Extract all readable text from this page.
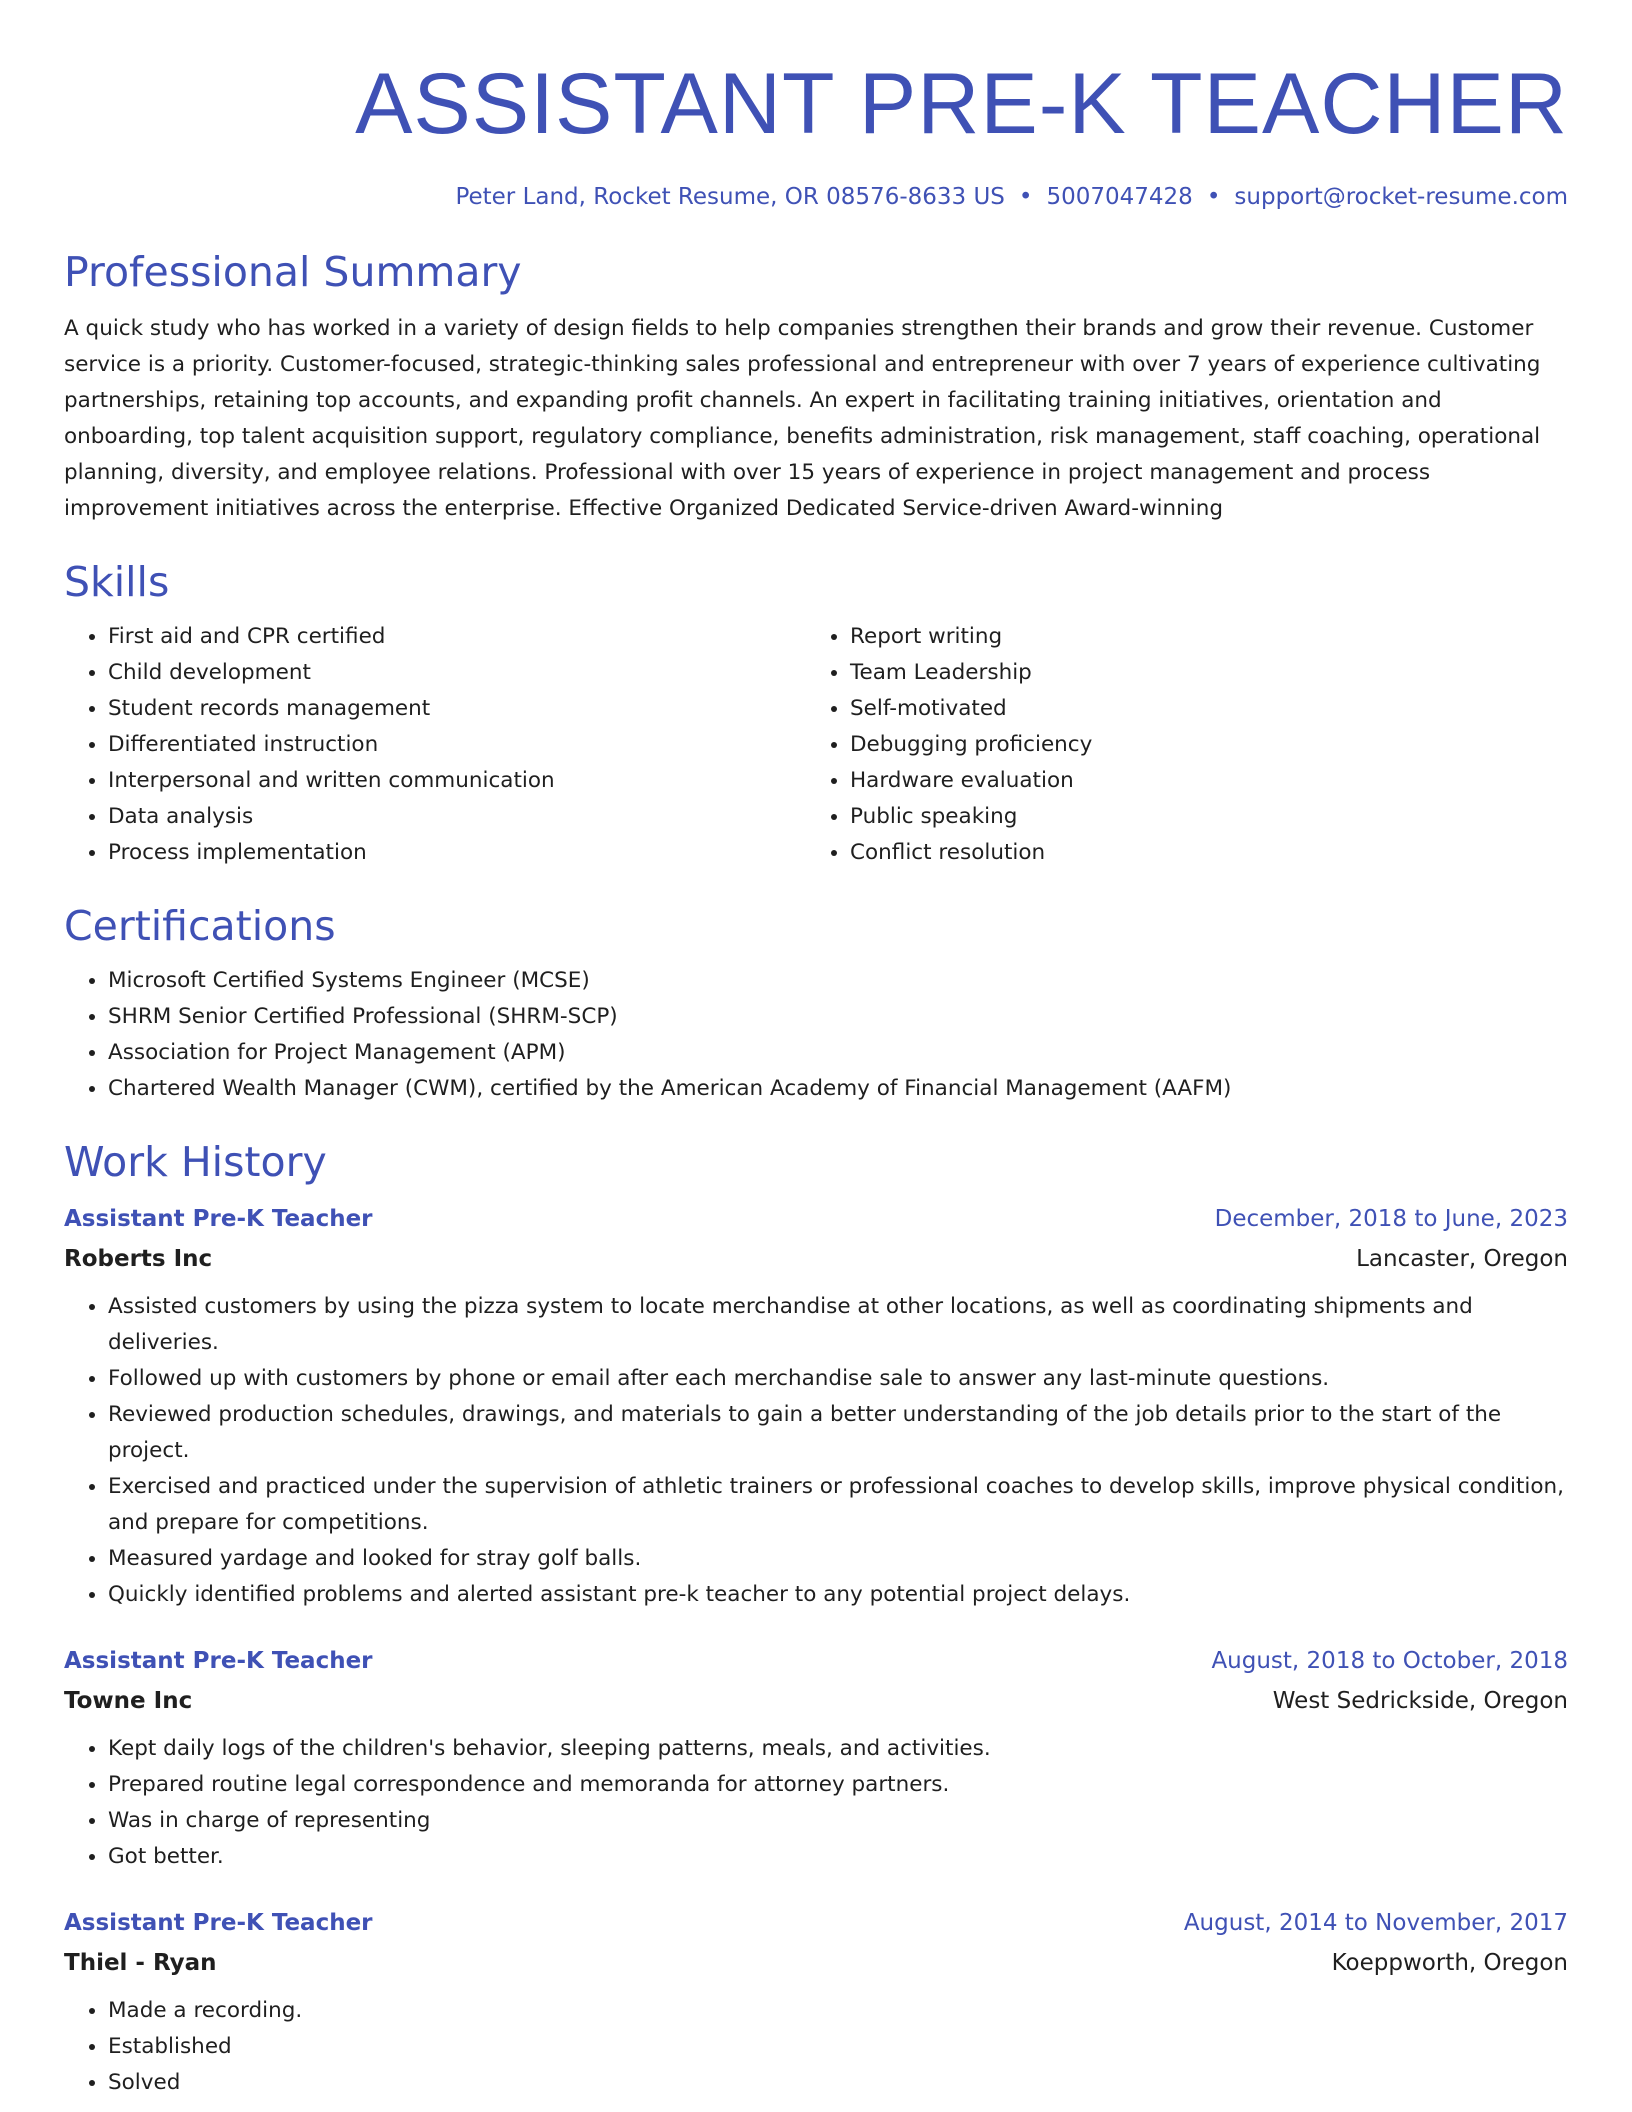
ASSISTANT PRE-K TEACHER
Peter Land, Rocket Resume, OR 08576-8633 US • 5007047428 • support@rocket-resume.com
Professional Summary

A quick study who has worked in a variety of design fields to help companies strengthen their brands and grow their revenue. Customer service is a priority. Customer-focused, strategic-thinking sales professional and entrepreneur with over 7 years of experience cultivating partnerships, retaining top accounts, and expanding profit channels. An expert in facilitating training initiatives, orientation and onboarding, top talent acquisition support, regulatory compliance, benefits administration, risk management, staff coaching, operational planning, diversity, and employee relations. Professional with over 15 years of experience in project management and process improvement initiatives across the enterprise. Effective Organized Dedicated Service-driven Award-winning

Skills
• First aid and CPR certified
• Child development
• Student records management
• Differentiated instruction
• Interpersonal and written communication
• Data analysis
• Process implementation
• Report writing
• Team Leadership
• Self-motivated
• Debugging proficiency
• Hardware evaluation
• Public speaking
• Conflict resolution
Certifications
• Microsoft Certified Systems Engineer (MCSE)
• SHRM Senior Certified Professional (SHRM-SCP)
• Association for Project Management (APM)
• Chartered Wealth Manager (CWM), certified by the American Academy of Financial Management (AAFM)
Work History
Assistant Pre-K Teacher	December, 2018 to June, 2023
Roberts Inc	Lancaster, Oregon
• Assisted customers by using the pizza system to locate merchandise at other locations, as well as coordinating shipments and deliveries.
• Followed up with customers by phone or email after each merchandise sale to answer any last-minute questions.
• Reviewed production schedules, drawings, and materials to gain a better understanding of the job details prior to the start of the project.
• Exercised and practiced under the supervision of athletic trainers or professional coaches to develop skills, improve physical condition, and prepare for competitions.
• Measured yardage and looked for stray golf balls.
• Quickly identified problems and alerted assistant pre-k teacher to any potential project delays.
Assistant Pre-K Teacher	August, 2018 to October, 2018
Towne Inc	West Sedrickside, Oregon
• Kept daily logs of the children's behavior, sleeping patterns, meals, and activities.
• Prepared routine legal correspondence and memoranda for attorney partners.
• Was in charge of representing
• Got better.
Assistant Pre-K Teacher	August, 2014 to November, 2017
Thiel - Ryan	Koeppworth, Oregon
• Made a recording.
• Established
• Solved
